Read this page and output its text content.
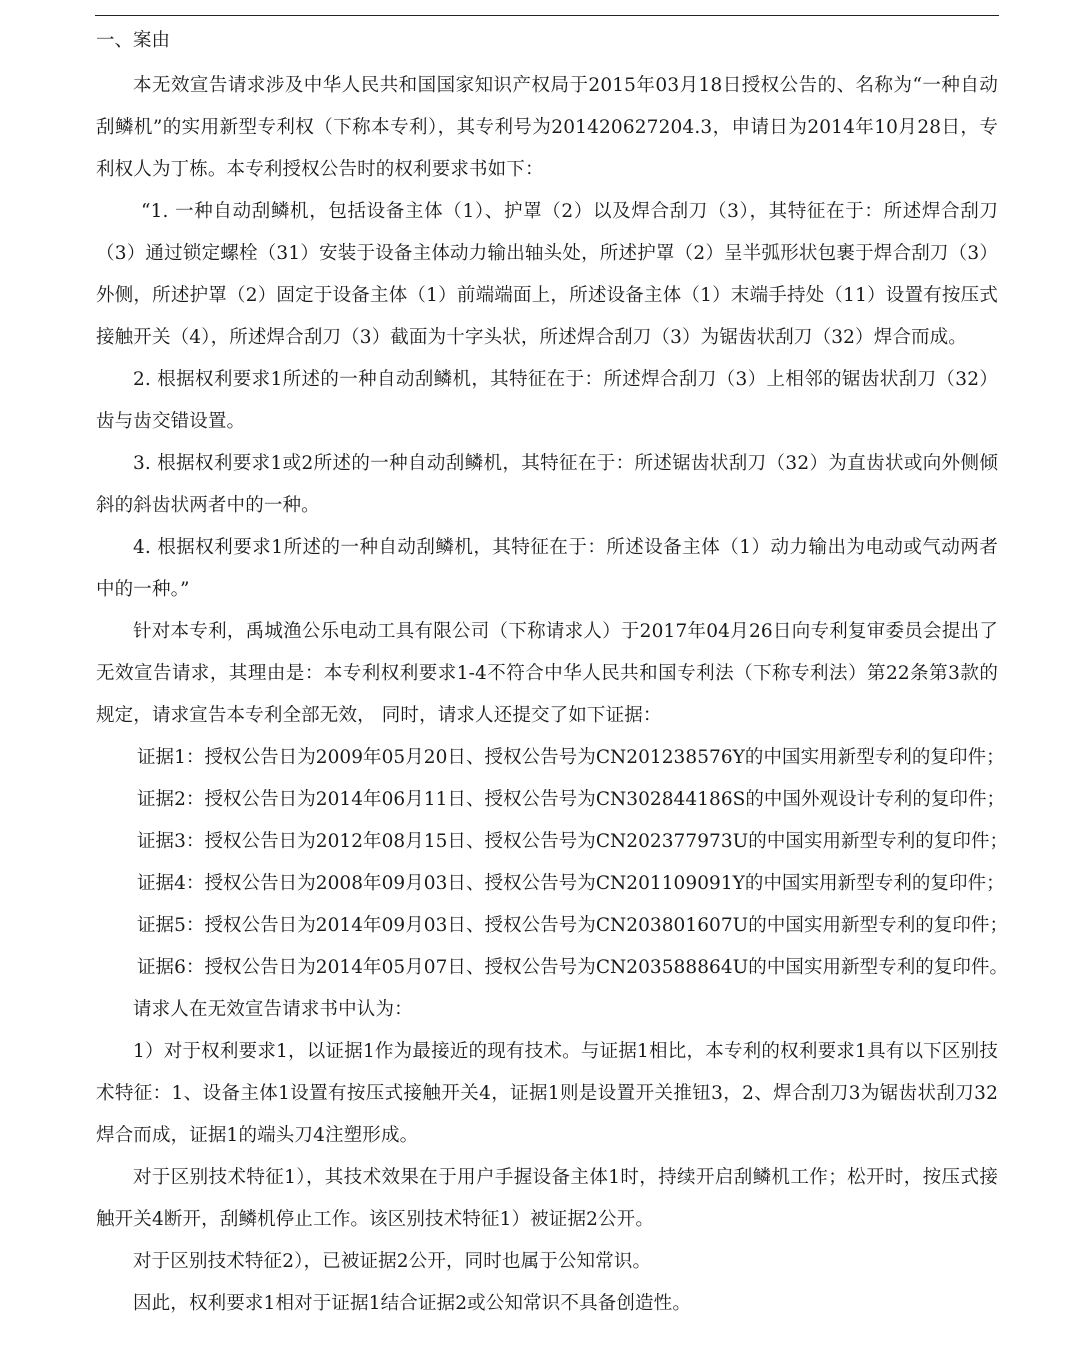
一、案由

本无效宣告请求涉及中华人民共和国国家知识产权局于2015年03月18日授权公告的、名称为“一种自动刮鳞机”的实用新型专利权（下称本专利），其专利号为201420627204.3，申请日为2014年10月28日，专利权人为丁栋。本专利授权公告时的权利要求书如下：

“1. 一种自动刮鳞机，包括设备主体（1）、护罩（2）以及焊合刮刀（3），其特征在于：所述焊合刮刀（3）通过锁定螺栓（31）安装于设备主体动力输出轴头处，所述护罩（2）呈半弧形状包裹于焊合刮刀（3）外侧，所述护罩（2）固定于设备主体（1）前端端面上，所述设备主体（1）末端手持处（11）设置有按压式接触开关（4），所述焊合刮刀（3）截面为十字头状，所述焊合刮刀（3）为锯齿状刮刀（32）焊合而成。

2. 根据权利要求1所述的一种自动刮鳞机，其特征在于：所述焊合刮刀（3）上相邻的锯齿状刮刀（32）齿与齿交错设置。

3. 根据权利要求1或2所述的一种自动刮鳞机，其特征在于：所述锯齿状刮刀（32）为直齿状或向外侧倾斜的斜齿状两者中的一种。

4. 根据权利要求1所述的一种自动刮鳞机，其特征在于：所述设备主体（1）动力输出为电动或气动两者中的一种。”

针对本专利，禹城渔公乐电动工具有限公司（下称请求人）于2017年04月26日向专利复审委员会提出了无效宣告请求，其理由是：本专利权利要求1-4不符合中华人民共和国专利法（下称专利法）第22条第3款的规定，请求宣告本专利全部无效， 同时，请求人还提交了如下证据：

证据1：授权公告日为2009年05月20日、授权公告号为CN201238576Y的中国实用新型专利的复印件；
证据2：授权公告日为2014年06月11日、授权公告号为CN302844186S的中国外观设计专利的复印件；
证据3：授权公告日为2012年08月15日、授权公告号为CN202377973U的中国实用新型专利的复印件；
证据4：授权公告日为2008年09月03日、授权公告号为CN201109091Y的中国实用新型专利的复印件；
证据5：授权公告日为2014年09月03日、授权公告号为CN203801607U的中国实用新型专利的复印件；
证据6：授权公告日为2014年05月07日、授权公告号为CN203588864U的中国实用新型专利的复印件。

请求人在无效宣告请求书中认为：

1）对于权利要求1，以证据1作为最接近的现有技术。与证据1相比，本专利的权利要求1具有以下区别技术特征：1、设备主体1设置有按压式接触开关4，证据1则是设置开关推钮3，2、焊合刮刀3为锯齿状刮刀32焊合而成，证据1的端头刀4注塑形成。

对于区别技术特征1），其技术效果在于用户手握设备主体1时，持续开启刮鳞机工作；松开时，按压式接触开关4断开，刮鳞机停止工作。该区别技术特征1）被证据2公开。

对于区别技术特征2），已被证据2公开，同时也属于公知常识。

因此，权利要求1相对于证据1结合证据2或公知常识不具备创造性。
